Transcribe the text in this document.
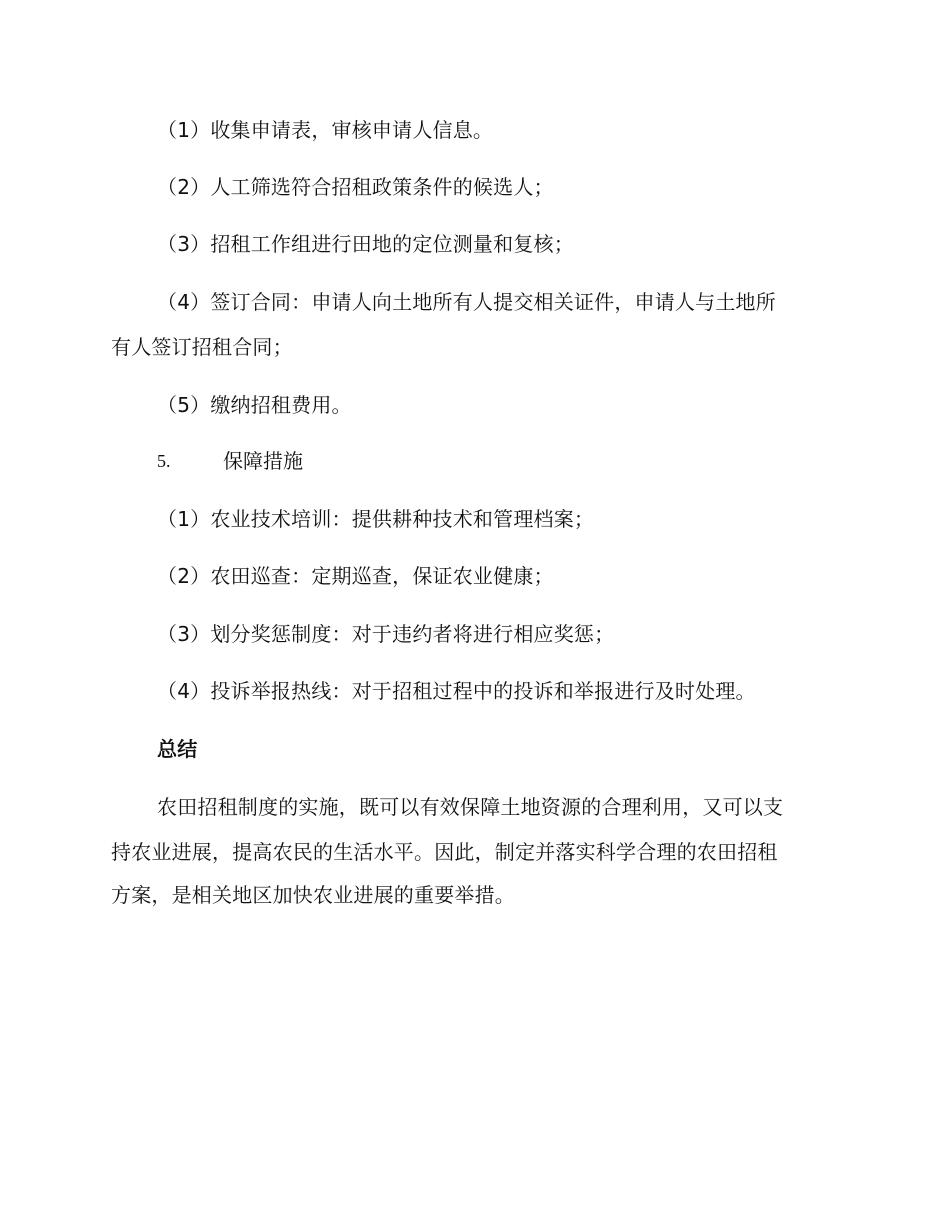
（1）收集申请表，审核申请人信息。

（2）人工筛选符合招租政策条件的候选人；

（3）招租工作组进行田地的定位测量和复核；

（4）签订合同：申请人向土地所有人提交相关证件，申请人与土地所

有人签订招租合同；

（5）缴纳招租费用。

5.	保障措施

（1）农业技术培训：提供耕种技术和管理档案；

（2）农田巡查：定期巡查，保证农业健康；

（3）划分奖惩制度：对于违约者将进行相应奖惩；

（4）投诉举报热线：对于招租过程中的投诉和举报进行及时处理。

总结

农田招租制度的实施，既可以有效保障土地资源的合理利用，又可以支

持农业进展，提高农民的生活水平。因此，制定并落实科学合理的农田招租

方案，是相关地区加快农业进展的重要举措。
